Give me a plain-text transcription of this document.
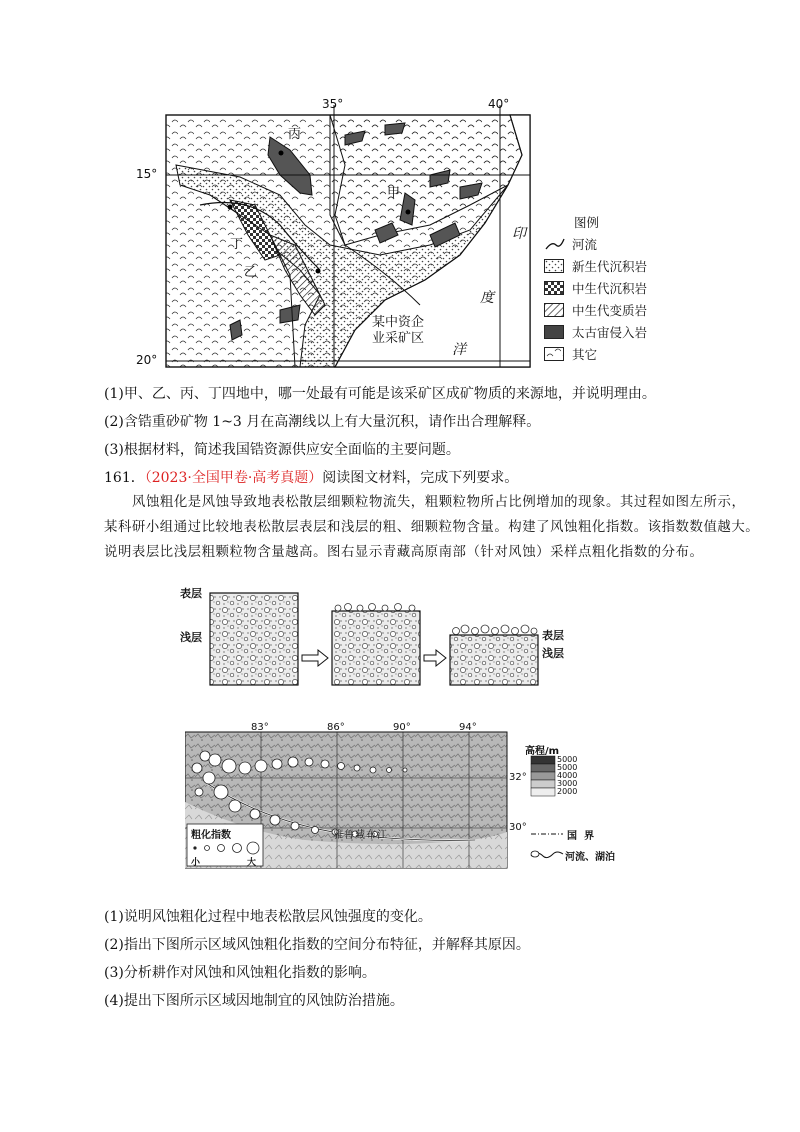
35°	40°
15°
20°
丙
甲
丁
乙
印
度
洋
某中资企
业采矿区
图例
河流
新生代沉积岩
中生代沉积岩
中生代变质岩
太古宙侵入岩
其它
(1)甲、乙、丙、丁四地中，哪一处最有可能是该采矿区成矿物质的来源地，并说明理由。
(2)含锆重砂矿物 1~3 月在高潮线以上有大量沉积，请作出合理解释。
(3)根据材料，简述我国锆资源供应安全面临的主要问题。
161．（2023·全国甲卷·高考真题）阅读图文材料，完成下列要求。
风蚀粗化是风蚀导致地表松散层细颗粒物流失，粗颗粒物所占比例增加的现象。其过程如图左所示，
某科研小组通过比较地表松散层表层和浅层的粗、细颗粒物含量。构建了风蚀粗化指数。该指数数值越大。
说明表层比浅层粗颗粒物含量越高。图右显示青藏高原南部（针对风蚀）采样点粗化指数的分布。
表层
浅层	表层
浅层
83°	86°	90°	94°
32°
30°
雅鲁藏布江
粗化指数
小	大
高程/m
5000
5000
4000
3000
2000
国  界
河流、湖泊
(1)说明风蚀粗化过程中地表松散层风蚀强度的变化。
(2)指出下图所示区域风蚀粗化指数的空间分布特征，并解释其原因。
(3)分析耕作对风蚀和风蚀粗化指数的影响。
(4)提出下图所示区域因地制宜的风蚀防治措施。
